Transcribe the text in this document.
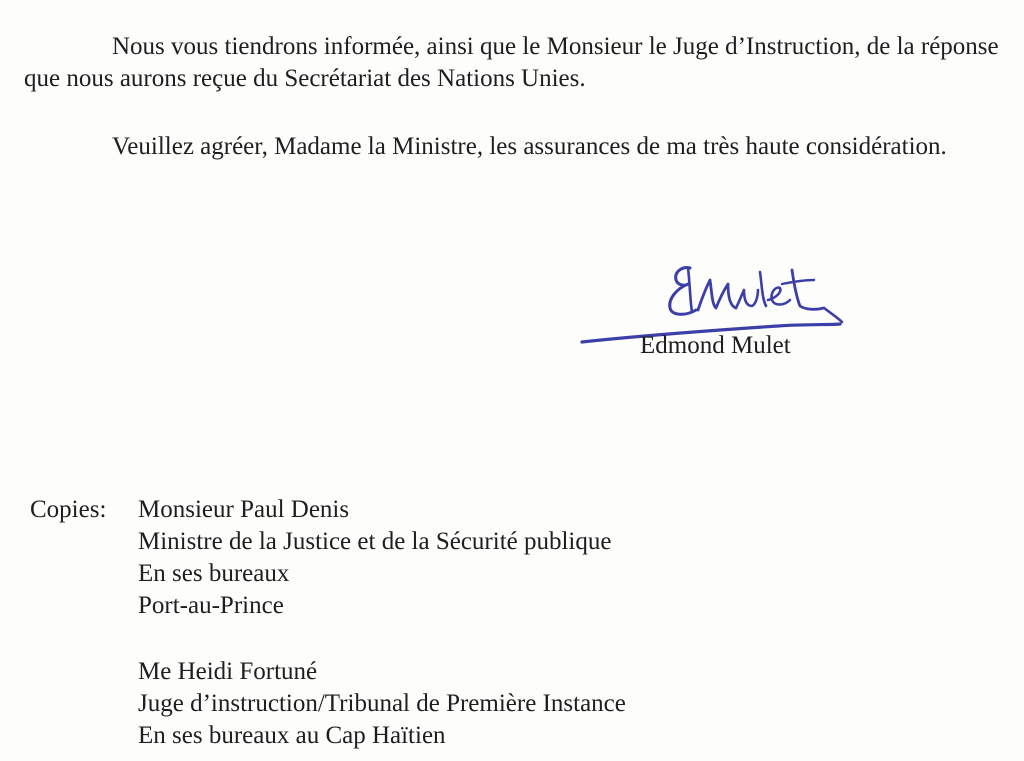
Nous vous tiendrons informée, ainsi que le Monsieur le Juge d’Instruction, de la réponse que nous aurons reçue du Secrétariat des Nations Unies.

Veuillez agréer, Madame la Ministre, les assurances de ma très haute considération.

Edmond Mulet
Copies: Monsieur Paul Denis
Ministre de la Justice et de la Sécurité publique
En ses bureaux
Port-au-Prince
Me Heidi Fortuné
Juge d’instruction/Tribunal de Première Instance
En ses bureaux au Cap Haïtien
